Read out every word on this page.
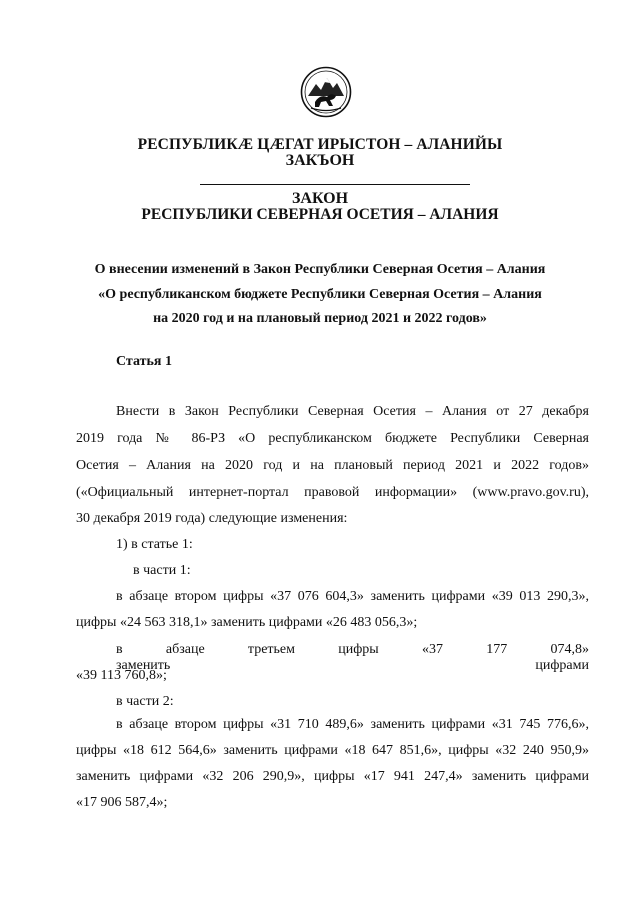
РЕСПУБЛИКӔ ЦӔГАТ ИРЫСТОН – АЛАНИЙЫ
ЗАКЪОН
ЗАКОН
РЕСПУБЛИКИ СЕВЕРНАЯ ОСЕТИЯ – АЛАНИЯ
О внесении изменений в Закон Республики Северная Осетия – Алания
«О республиканском бюджете Республики Северная Осетия – Алания
на 2020 год и на плановый период 2021 и 2022 годов»
Статья 1
Внести в Закон Республики Северная Осетия – Алания от 27 декабря
2019 года № 86-РЗ «О республиканском бюджете Республики Северная
Осетия – Алания на 2020 год и на плановый период 2021 и 2022 годов»
(«Официальный интернет-портал правовой информации» (www.pravo.gov.ru),
30 декабря 2019 года) следующие изменения:
1) в статье 1:
в части 1:
в абзаце втором цифры «37 076 604,3» заменить цифрами «39 013 290,3»,
цифры «24 563 318,1» заменить цифрами «26 483 056,3»;
в абзаце третьем цифры «37 177 074,8» заменить цифрами
«39 113 760,8»;
в части 2:
в абзаце втором цифры «31 710 489,6» заменить цифрами «31 745 776,6»,
цифры «18 612 564,6» заменить цифрами «18 647 851,6», цифры «32 240 950,9»
заменить цифрами «32 206 290,9», цифры «17 941 247,4» заменить цифрами
«17 906 587,4»;
